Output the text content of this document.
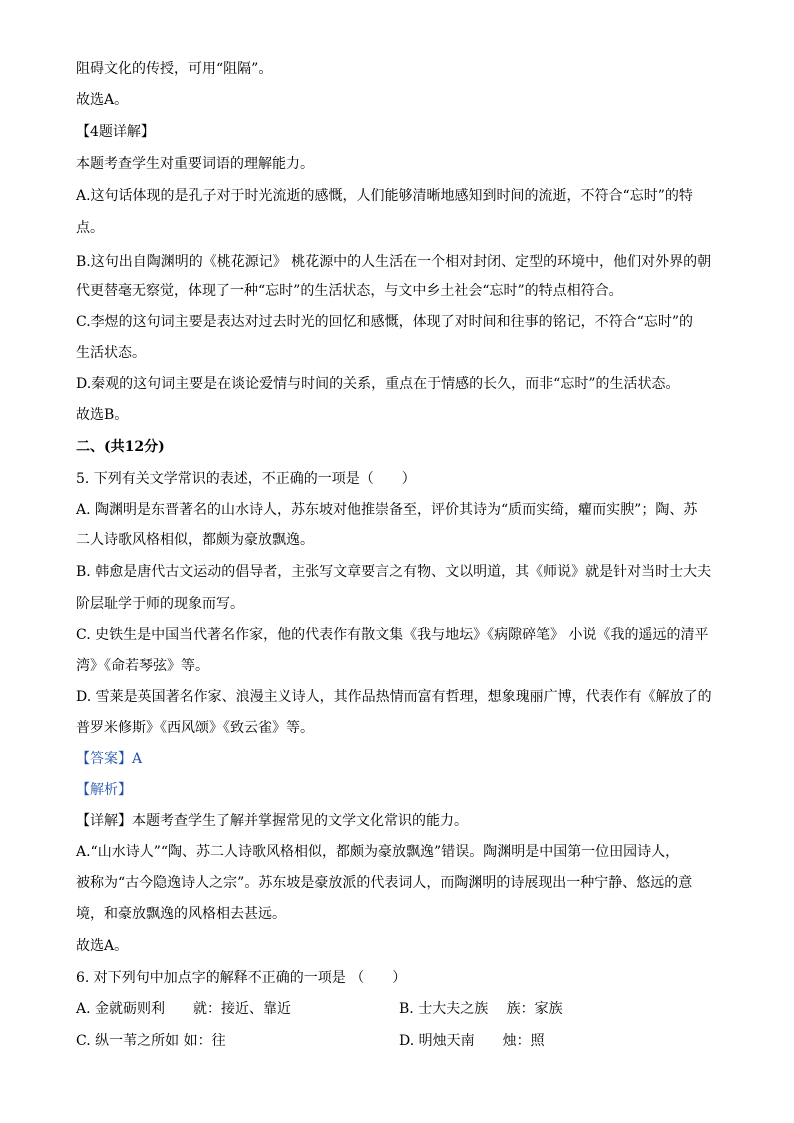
阻碍文化的传授，可用“阻隔”。
故选A。
【4题详解】
本题考查学生对重要词语的理解能力。
A.这句话体现的是孔子对于时光流逝的感慨，人们能够清晰地感知到时间的流逝，不符合“忘时”的特
点。
B.这句出自陶渊明的《桃花源记》 桃花源中的人生活在一个相对封闭、定型的环境中，他们对外界的朝
代更替毫无察觉，体现了一种“忘时”的生活状态，与文中乡土社会“忘时”的特点相符合。
C.李煜的这句词主要是表达对过去时光的回忆和感慨，体现了对时间和往事的铭记，不符合“忘时”的
生活状态。
D.秦观的这句词主要是在谈论爱情与时间的关系，重点在于情感的长久，而非“忘时”的生活状态。
故选B。
二、(共12分)
5. 下列有关文学常识的表述，不正确的一项是（　　）
A. 陶渊明是东晋著名的山水诗人，苏东坡对他推崇备至，评价其诗为“质而实绮，癯而实腴”；陶、苏
二人诗歌风格相似，都颇为豪放飘逸。
B. 韩愈是唐代古文运动的倡导者，主张写文章要言之有物、文以明道，其《师说》就是针对当时士大夫
阶层耻学于师的现象而写。
C. 史铁生是中国当代著名作家，他的代表作有散文集《我与地坛》《病隙碎笔》 小说《我的遥远的清平
湾》《命若琴弦》等。
D. 雪莱是英国著名作家、浪漫主义诗人，其作品热情而富有哲理，想象瑰丽广博，代表作有《解放了的
普罗米修斯》《西风颂》《致云雀》等。
【答案】A
【解析】
【详解】本题考查学生了解并掌握常见的文学文化常识的能力。
A.“山水诗人”“陶、苏二人诗歌风格相似，都颇为豪放飘逸”错误。陶渊明是中国第一位田园诗人，
被称为“古今隐逸诗人之宗”。苏东坡是豪放派的代表词人，而陶渊明的诗展现出一种宁静、悠远的意
境，和豪放飘逸的风格相去甚远。
故选A。
6. 对下列句中加点字的解释不正确的一项是 （　　）
A. 金就砺则利　　就：接近、靠近	B. 士大夫之族　 族：家族
C. 纵一苇之所如 如：往	D. 明烛天南　　烛：照
